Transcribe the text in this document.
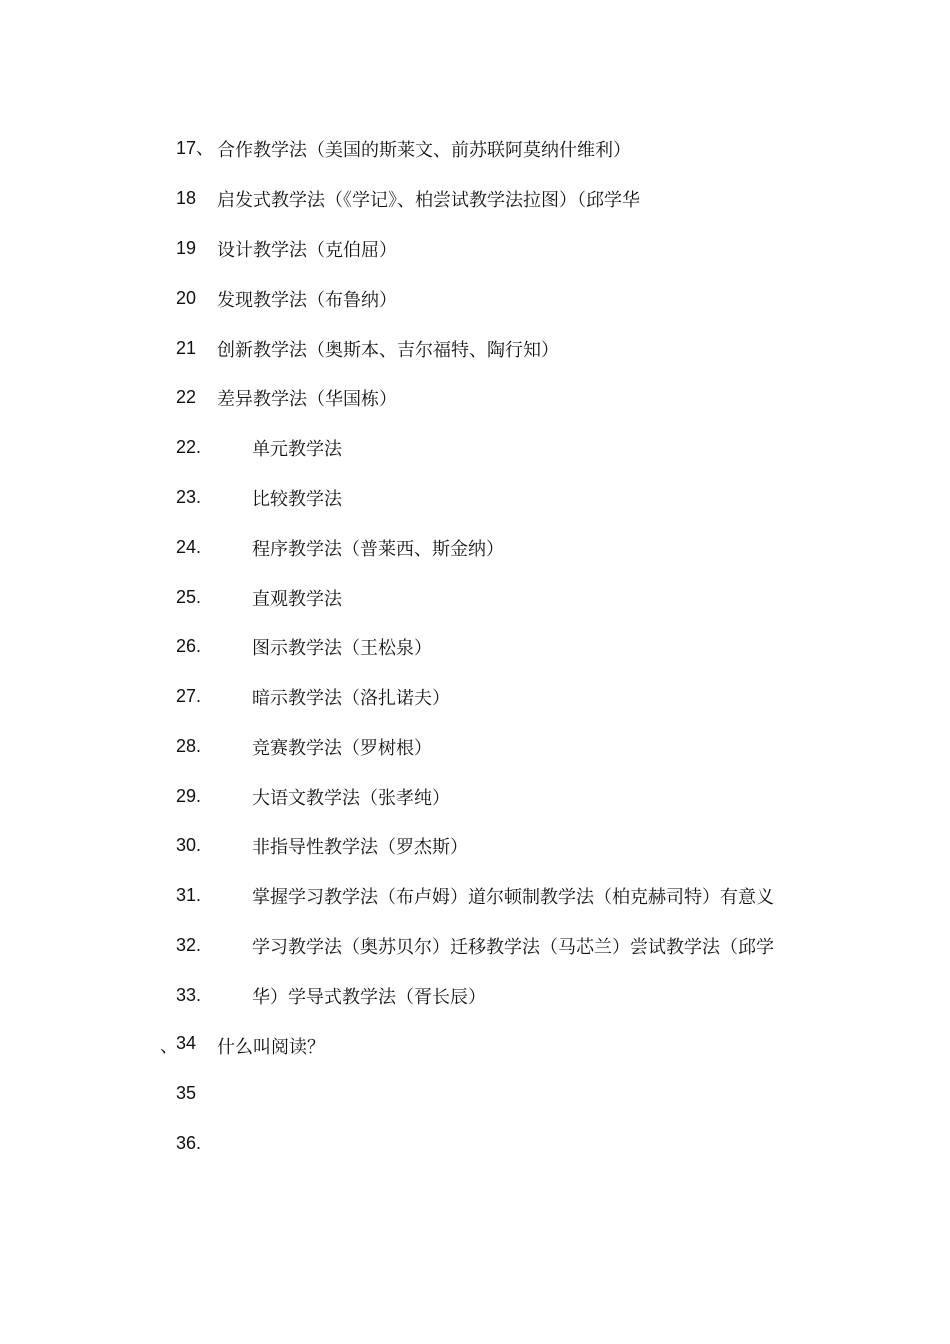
17、 合作教学法（美国的斯莱文、前苏联阿莫纳什维利）
18 启发式教学法（《学记》、柏尝试教学法拉图）（邱学华
19 设计教学法（克伯屈）
20 发现教学法（布鲁纳）
21 创新教学法（奥斯本、吉尔福特、陶行知）
22 差异教学法（华国栋）
22.	单元教学法
23.	比较教学法
24.	程序教学法（普莱西、斯金纳）
25.	直观教学法
26.	图示教学法（王松泉）
27.	暗示教学法（洛扎诺夫）
28.	竞赛教学法（罗树根）
29.	大语文教学法（张孝纯）
30.	非指导性教学法（罗杰斯）
31.	掌握学习教学法（布卢姆）道尔顿制教学法（柏克赫司特）有意义
32.	学习教学法（奥苏贝尔）迁移教学法（马芯兰）尝试教学法（邱学
33.	华）学导式教学法（胥长辰）
、
34 什么叫阅读？
35
36.
